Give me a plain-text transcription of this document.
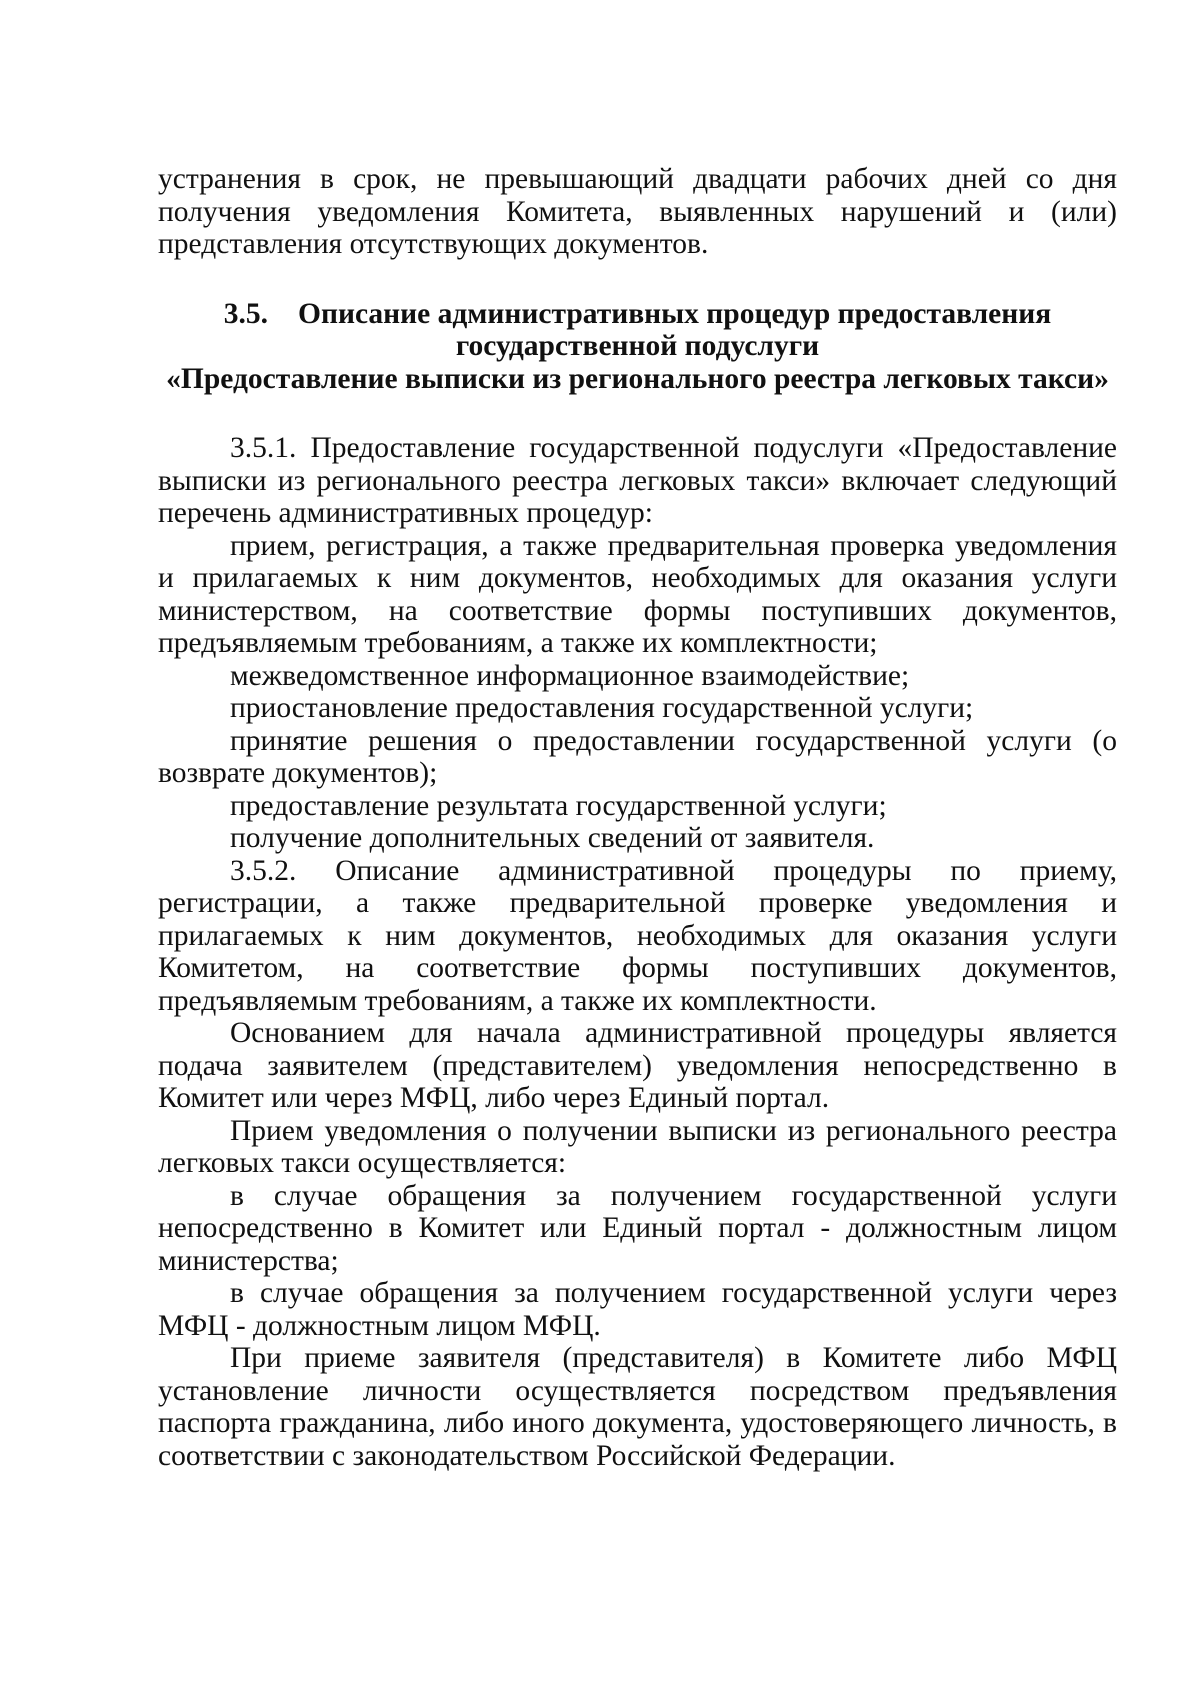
устранения в срок, не превышающий двадцати рабочих дней со дня получения уведомления Комитета, выявленных нарушений и (или) представления отсутствующих документов.

3.5. Описание административных процедур предоставления
государственной подуслуги
«Предоставление выписки из регионального реестра легковых такси»

3.5.1. Предоставление государственной подуслуги «Предоставление выписки из регионального реестра легковых такси» включает следующий перечень административных процедур:

прием, регистрация, а также предварительная проверка уведомления и прилагаемых к ним документов, необходимых для оказания услуги министерством, на соответствие формы поступивших документов, предъявляемым требованиям, а также их комплектности;

межведомственное информационное взаимодействие;

приостановление предоставления государственной услуги;

принятие решения о предоставлении государственной услуги (о возврате документов);

предоставление результата государственной услуги;

получение дополнительных сведений от заявителя.

3.5.2. Описание административной процедуры по приему, регистрации, а также предварительной проверке уведомления и прилагаемых к ним документов, необходимых для оказания услуги Комитетом, на соответствие формы поступивших документов, предъявляемым требованиям, а также их комплектности.

Основанием для начала административной процедуры является подача заявителем (представителем) уведомления непосредственно в Комитет или через МФЦ, либо через Единый портал.

Прием уведомления о получении выписки из регионального реестра легковых такси осуществляется:

в случае обращения за получением государственной услуги непосредственно в Комитет или Единый портал - должностным лицом министерства;

в случае обращения за получением государственной услуги через МФЦ - должностным лицом МФЦ.

При приеме заявителя (представителя) в Комитете либо МФЦ установление личности осуществляется посредством предъявления паспорта гражданина, либо иного документа, удостоверяющего личность, в соответствии с законодательством Российской Федерации.
